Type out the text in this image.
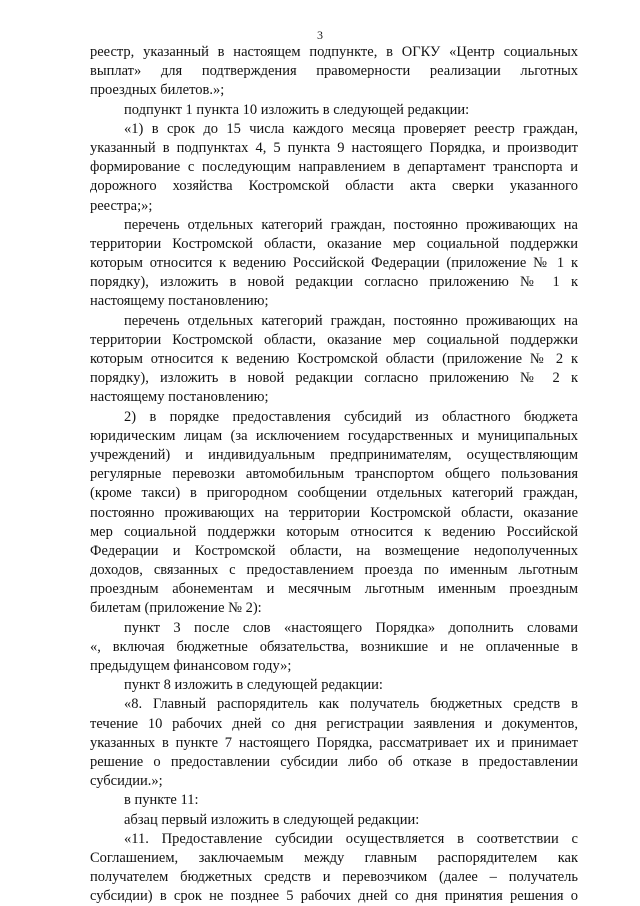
3
реестр, указанный в настоящем подпункте, в ОГКУ «Центр социальных
выплат» для подтверждения правомерности реализации льготных
проездных билетов.»;
подпункт 1 пункта 10 изложить в следующей редакции:
«1) в срок до 15 числа каждого месяца проверяет реестр граждан,
указанный в подпунктах 4, 5 пункта 9 настоящего Порядка, и производит
формирование с последующим направлением в департамент транспорта и
дорожного хозяйства Костромской области акта сверки указанного
реестра;»;
перечень отдельных категорий граждан, постоянно проживающих на
территории Костромской области, оказание мер социальной поддержки
которым относится к ведению Российской Федерации (приложение № 1 к
порядку), изложить в новой редакции согласно приложению № 1 к
настоящему постановлению;
перечень отдельных категорий граждан, постоянно проживающих на
территории Костромской области, оказание мер социальной поддержки
которым относится к ведению Костромской области (приложение № 2 к
порядку), изложить в новой редакции согласно приложению № 2 к
настоящему постановлению;
2) в порядке предоставления субсидий из областного бюджета
юридическим лицам (за исключением государственных и муниципальных
учреждений) и индивидуальным предпринимателям, осуществляющим
регулярные перевозки автомобильным транспортом общего пользования
(кроме такси) в пригородном сообщении отдельных категорий граждан,
постоянно проживающих на территории Костромской области, оказание
мер социальной поддержки которым относится к ведению Российской
Федерации и Костромской области, на возмещение недополученных
доходов, связанных с предоставлением проезда по именным льготным
проездным абонементам и месячным льготным именным проездным
билетам (приложение № 2):
пункт 3 после слов «настоящего Порядка» дополнить словами
«, включая бюджетные обязательства, возникшие и не оплаченные в
предыдущем финансовом году»;
пункт 8 изложить в следующей редакции:
«8. Главный распорядитель как получатель бюджетных средств в
течение 10 рабочих дней со дня регистрации заявления и документов,
указанных в пункте 7 настоящего Порядка, рассматривает их и принимает
решение о предоставлении субсидии либо об отказе в предоставлении
субсидии.»;
в пункте 11:
абзац первый изложить в следующей редакции:
«11. Предоставление субсидии осуществляется в соответствии с
Соглашением, заключаемым между главным распорядителем как
получателем бюджетных средств и перевозчиком (далее – получатель
субсидии) в срок не позднее 5 рабочих дней со дня принятия решения о
